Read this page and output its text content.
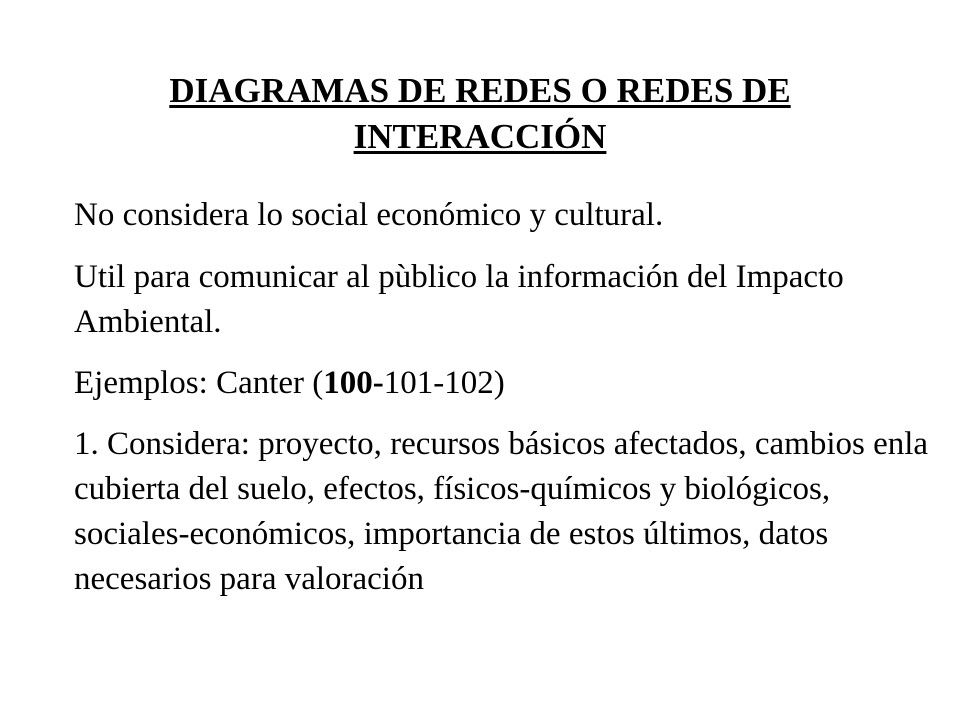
DIAGRAMAS DE REDES O REDES DE INTERACCIÓN

No considera lo social económico y cultural.

Util para comunicar al pùblico la información del Impacto Ambiental.

Ejemplos: Canter (100-101-102)

1. Considera: proyecto, recursos básicos afectados, cambios enla cubierta del suelo, efectos, físicos-químicos y biológicos, sociales-económicos, importancia de estos últimos, datos necesarios para valoración
